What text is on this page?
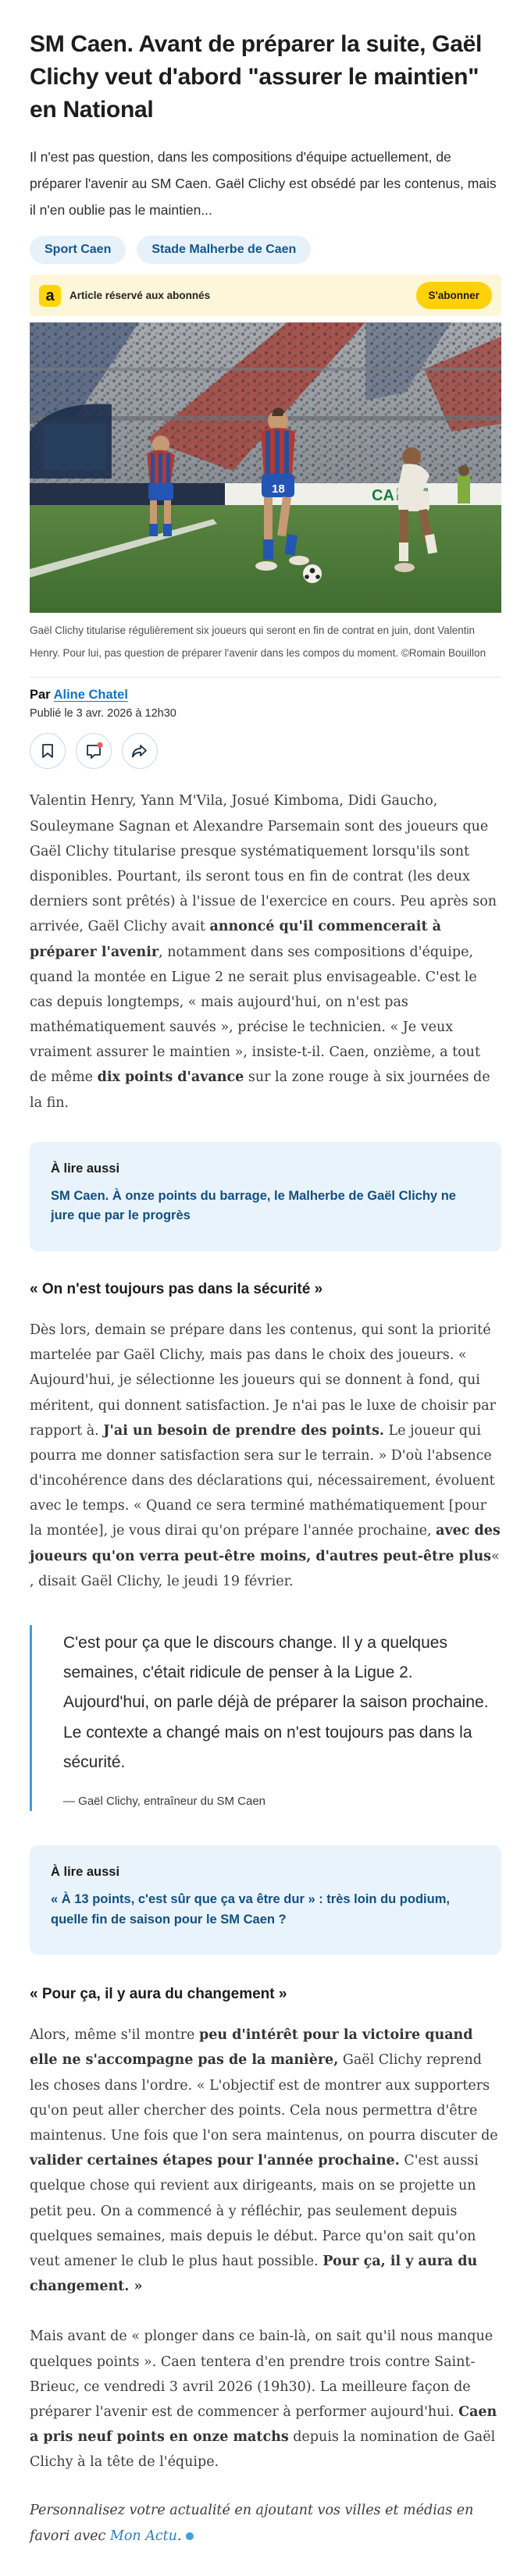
SM Caen. Avant de préparer la suite, Gaël Clichy veut d'abord "assurer le maintien" en National

Il n'est pas question, dans les compositions d'équipe actuellement, de préparer l'avenir au SM Caen. Gaël Clichy est obsédé par les contenus, mais il n'en oublie pas le maintien...

Sport Caen	Stade Malherbe de Caen
a	Article réservé aux abonnés	S'abonner
CA
18

Gaël Clichy titularise régulièrement six joueurs qui seront en fin de contrat en juin, dont Valentin Henry. Pour lui, pas question de préparer l'avenir dans les compos du moment. ©Romain Bouillon

Par Aline Chatel
Publié le 3 avr. 2026 à 12h30

Valentin Henry, Yann M'Vila, Josué Kimboma, Didi Gaucho, Souleymane Sagnan et Alexandre Parsemain sont des joueurs que Gaël Clichy titularise presque systématiquement lorsqu'ils sont disponibles. Pourtant, ils seront tous en fin de contrat (les deux derniers sont prêtés) à l'issue de l'exercice en cours. Peu après son arrivée, Gaël Clichy avait annoncé qu'il commencerait à préparer l'avenir, notamment dans ses compositions d'équipe, quand la montée en Ligue 2 ne serait plus envisageable. C'est le cas depuis longtemps, « mais aujourd'hui, on n'est pas mathématiquement sauvés », précise le technicien. « Je veux vraiment assurer le maintien », insiste-t-il. Caen, onzième, a tout de même dix points d'avance sur la zone rouge à six journées de la fin.

À lire aussi
SM Caen. À onze points du barrage, le Malherbe de Gaël Clichy ne jure que par le progrès
« On n'est toujours pas dans la sécurité »

Dès lors, demain se prépare dans les contenus, qui sont la priorité martelée par Gaël Clichy, mais pas dans le choix des joueurs. « Aujourd'hui, je sélectionne les joueurs qui se donnent à fond, qui méritent, qui donnent satisfaction. Je n'ai pas le luxe de choisir par rapport à. J'ai un besoin de prendre des points. Le joueur qui pourra me donner satisfaction sera sur le terrain. » D'où l'absence d'incohérence dans des déclarations qui, nécessairement, évoluent avec le temps. « Quand ce sera terminé mathématiquement [pour la montée], je vous dirai qu'on prépare l'année prochaine, avec des joueurs qu'on verra peut-être moins, d'autres peut-être plus« , disait Gaël Clichy, le jeudi 19 février.

C'est pour ça que le discours change. Il y a quelques semaines, c'était ridicule de penser à la Ligue 2. Aujourd'hui, on parle déjà de préparer la saison prochaine. Le contexte a changé mais on n'est toujours pas dans la sécurité.
— Gaël Clichy, entraîneur du SM Caen
À lire aussi
« À 13 points, c'est sûr que ça va être dur » : très loin du podium, quelle fin de saison pour le SM Caen ?
« Pour ça, il y aura du changement »

Alors, même s'il montre peu d'intérêt pour la victoire quand elle ne s'accompagne pas de la manière, Gaël Clichy reprend les choses dans l'ordre. « L'objectif est de montrer aux supporters qu'on peut aller chercher des points. Cela nous permettra d'être maintenus. Une fois que l'on sera maintenus, on pourra discuter de valider certaines étapes pour l'année prochaine. C'est aussi quelque chose qui revient aux dirigeants, mais on se projette un petit peu. On a commencé à y réfléchir, pas seulement depuis quelques semaines, mais depuis le début. Parce qu'on sait qu'on veut amener le club le plus haut possible. Pour ça, il y aura du changement. »

Mais avant de « plonger dans ce bain-là, on sait qu'il nous manque quelques points ». Caen tentera d'en prendre trois contre Saint-Brieuc, ce vendredi 3 avril 2026 (19h30). La meilleure façon de préparer l'avenir est de commencer à performer aujourd'hui. Caen a pris neuf points en onze matchs depuis la nomination de Gaël Clichy à la tête de l'équipe.

Personnalisez votre actualité en ajoutant vos villes et médias en favori avec Mon Actu.
